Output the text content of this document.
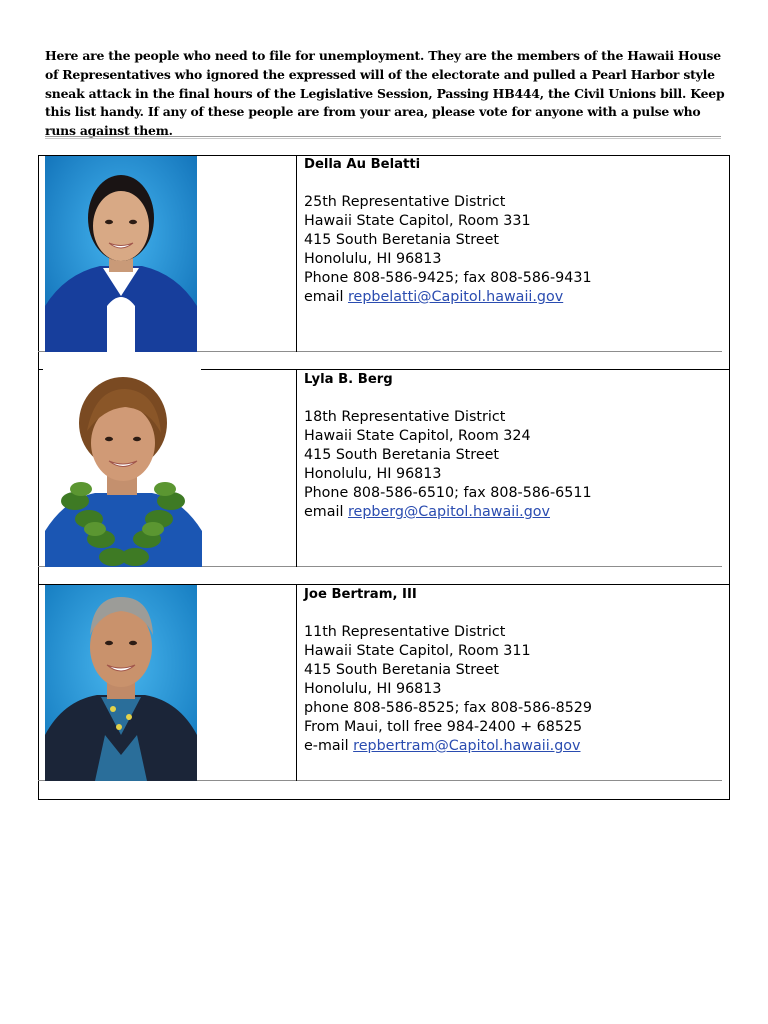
Here are the people who need to file for unemployment. They are the members of the Hawaii House of Representatives who ignored the expressed will of the electorate and pulled a Pearl Harbor style sneak attack in the final hours of the Legislative Session, Passing HB444, the Civil Unions bill. Keep this list handy. If any of these people are from your area, please vote for anyone with a pulse who runs against them.
Della Au Belatti
25th Representative District
Hawaii State Capitol, Room 331
415 South Beretania Street
Honolulu, HI 96813
Phone 808-586-9425; fax 808-586-9431
email repbelatti@Capitol.hawaii.gov
Lyla B. Berg
18th Representative District
Hawaii State Capitol, Room 324
415 South Beretania Street
Honolulu, HI 96813
Phone 808-586-6510; fax 808-586-6511
email repberg@Capitol.hawaii.gov
Joe Bertram, III
11th Representative District
Hawaii State Capitol, Room 311
415 South Beretania Street
Honolulu, HI 96813
phone 808-586-8525; fax 808-586-8529
From Maui, toll free 984-2400 + 68525
e-mail repbertram@Capitol.hawaii.gov
